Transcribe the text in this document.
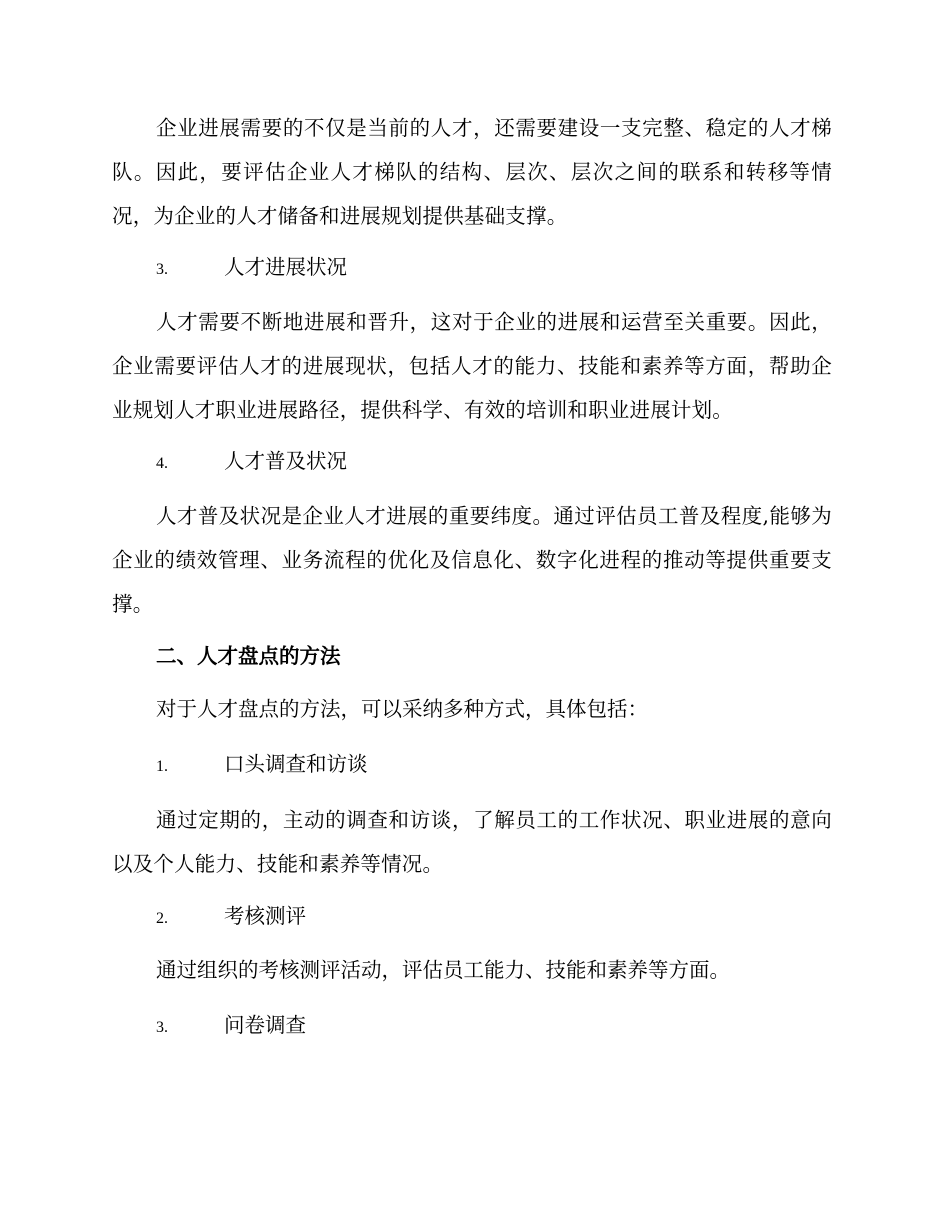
企业进展需要的不仅是当前的人才，还需要建设一支完整、稳定的人才梯队。因此，要评估企业人才梯队的结构、层次、层次之间的联系和转移等情况，为企业的人才储备和进展规划提供基础支撑。

3.	人才进展状况

人才需要不断地进展和晋升，这对于企业的进展和运营至关重要。因此，企业需要评估人才的进展现状，包括人才的能力、技能和素养等方面，帮助企业规划人才职业进展路径，提供科学、有效的培训和职业进展计划。

4.	人才普及状况

人才普及状况是企业人才进展的重要纬度。通过评估员工普及程度,能够为企业的绩效管理、业务流程的优化及信息化、数字化进程的推动等提供重要支撑。

二、人才盘点的方法

对于人才盘点的方法，可以采纳多种方式，具体包括：

1.	口头调查和访谈

通过定期的，主动的调查和访谈，了解员工的工作状况、职业进展的意向以及个人能力、技能和素养等情况。

2.	考核测评

通过组织的考核测评活动，评估员工能力、技能和素养等方面。

3.	问卷调查
